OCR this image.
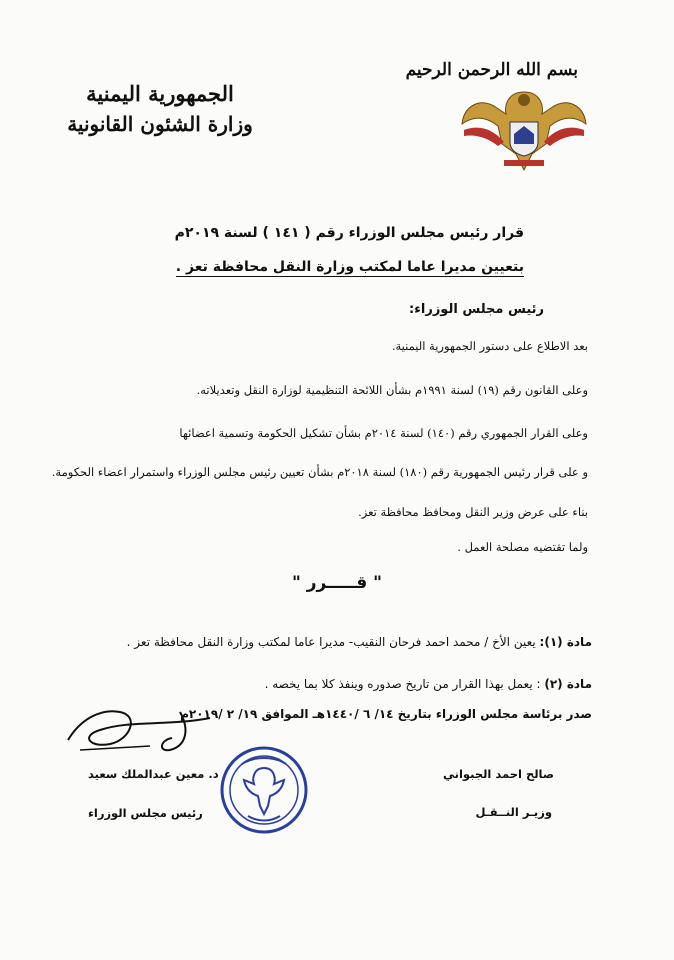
بسم الله الرحمن الرحيم
الجمهورية اليمنية
وزارة الشئون القانونية
قرار رئيس مجلس الوزراء رقم ( ١٤١ ) لسنة ٢٠١٩م
بتعيين مديرا عاما لمكتب وزارة النقل محافظة تعز .
رئيس مجلس الوزراء:
بعد الاطلاع على دستور الجمهورية اليمنية.
وعلى القانون رقم (١٩) لسنة ١٩٩١م بشأن اللائحة التنظيمية لوزارة النقل وتعديلاته.
وعلى القرار الجمهوري رقم (١٤٠) لسنة ٢٠١٤م بشأن تشكيل الحكومة وتسمية اعضائها
و على قرار رئيس الجمهورية رقم (١٨٠) لسنة ٢٠١٨م بشأن تعيين رئيس مجلس الوزراء واستمرار اعضاء الحكومة.
بناء على عرض وزير النقل ومحافظ محافظة تعز.
ولما تقتضيه مصلحة العمل .
" قـــــرر "
مادة (١): يعين الأخ / محمد احمد فرحان النقيب- مديرا عاما لمكتب وزارة النقل محافظة تعز .
مادة (٢) : يعمل بهذا القرار من تاريخ صدوره وينفذ كلا بما يخصه .
صدر برئاسة مجلس الوزراء بتاريخ ١٤/ ٦ /١٤٤٠هـ الموافق ١٩/ ٢ /٢٠١٩م
د. معين عبدالملك سعيد
رئيس مجلس الوزراء
صالح احمد الجبواني
وزيـر النــقـل
